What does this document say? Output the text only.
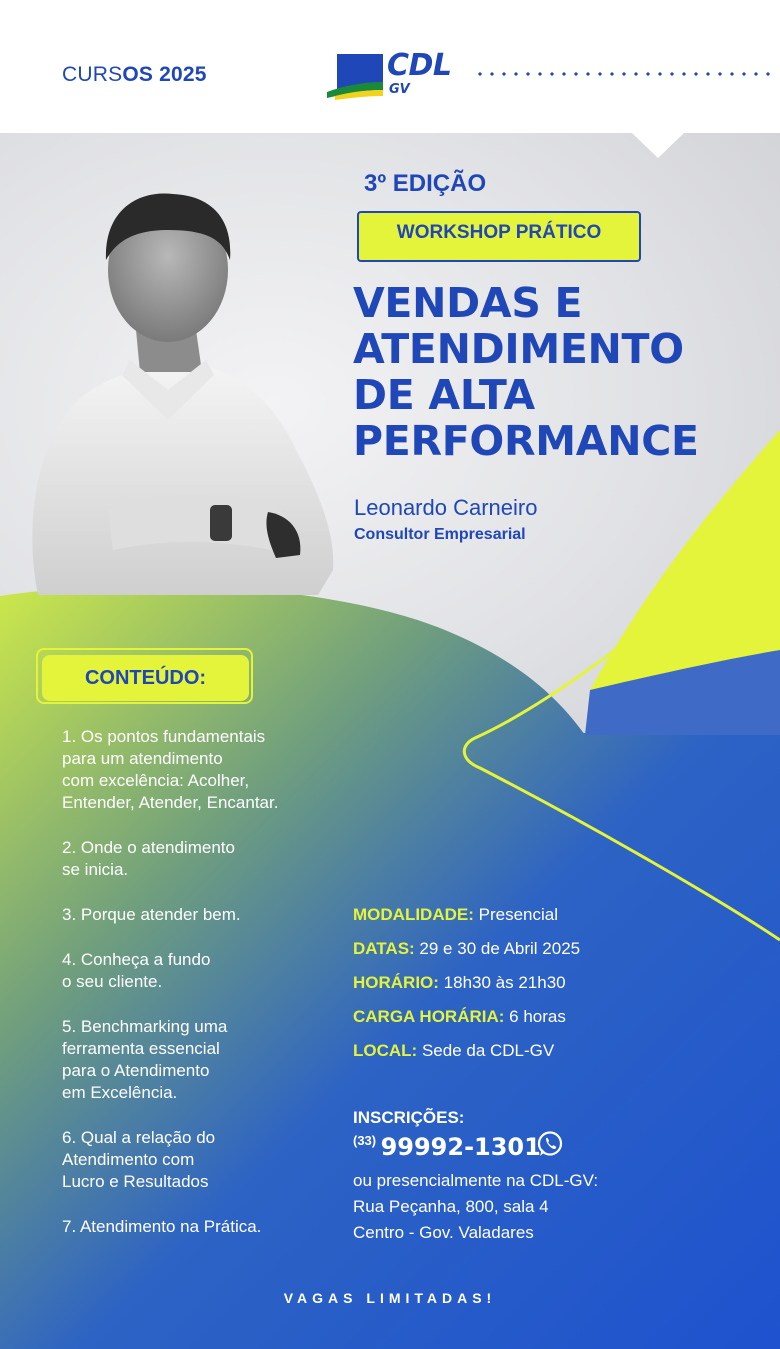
CURSOS 2025	CDL
GV
3º EDIÇÃO
WORKSHOP PRÁTICO
VENDAS E
ATENDIMENTO
DE ALTA
PERFORMANCE
Leonardo Carneiro
Consultor Empresarial
CONTEÚDO:
1. Os pontos fundamentais
para um atendimento
com excelência: Acolher,
Entender, Atender, Encantar.
2. Onde o atendimento
se inicia.
3. Porque atender bem.
4. Conheça a fundo
o seu cliente.
5. Benchmarking uma
ferramenta essencial
para o Atendimento
em Excelência.
6. Qual a relação do
Atendimento com
Lucro e Resultados
7. Atendimento na Prática.
MODALIDADE: Presencial
DATAS: 29 e 30 de Abril 2025
HORÁRIO: 18h30 às 21h30
CARGA HORÁRIA: 6 horas
LOCAL: Sede da CDL-GV
INSCRIÇÕES:
$^{(33)}$ 99992-1301
ou presencialmente na CDL-GV:
Rua Peçanha, 800, sala 4
Centro - Gov. Valadares
VAGAS LIMITADAS!
